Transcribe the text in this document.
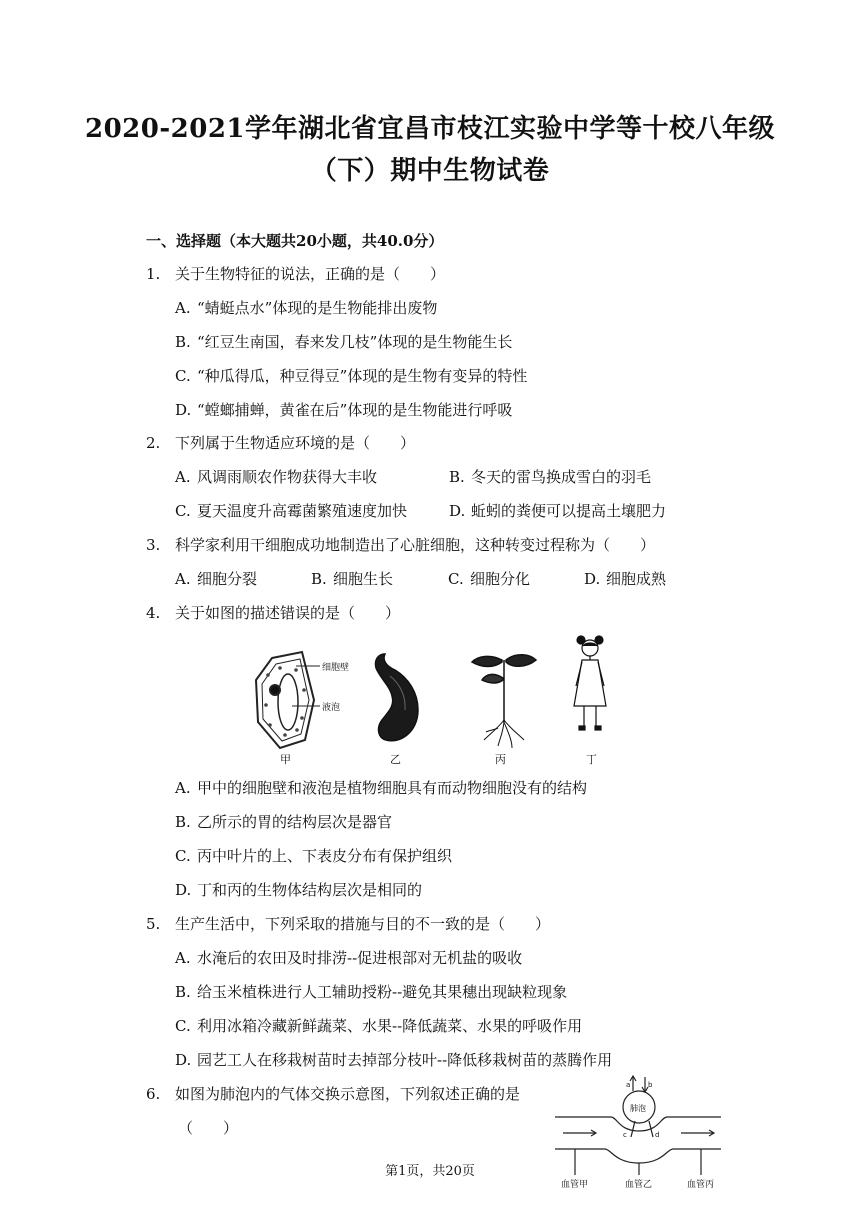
2020-2021学年湖北省宜昌市枝江实验中学等十校八年级
（下）期中生物试卷
一、选择题（本大题共20小题，共40.0分）
1. 关于生物特征的说法，正确的是（　　）
A. “蜻蜓点水”体现的是生物能排出废物
B. “红豆生南国，春来发几枝”体现的是生物能生长
C. “种瓜得瓜，种豆得豆”体现的是生物有变异的特性
D. “螳螂捕蝉，黄雀在后”体现的是生物能进行呼吸
2. 下列属于生物适应环境的是（　　）
A. 风调雨顺农作物获得大丰收	B. 冬天的雷鸟换成雪白的羽毛
C. 夏天温度升高霉菌繁殖速度加快	D. 蚯蚓的粪便可以提高土壤肥力
3. 科学家利用干细胞成功地制造出了心脏细胞，这种转变过程称为（　　）
A. 细胞分裂	B. 细胞生长	C. 细胞分化	D. 细胞成熟
4. 关于如图的描述错误的是（　　）
细胞壁
液泡
甲	乙	丙	丁
A. 甲中的细胞壁和液泡是植物细胞具有而动物细胞没有的结构
B. 乙所示的胃的结构层次是器官
C. 丙中叶片的上、下表皮分布有保护组织
D. 丁和丙的生物体结构层次是相同的
5. 生产生活中，下列采取的措施与目的不一致的是（　　）
A. 水淹后的农田及时排涝--促进根部对无机盐的吸收
B. 给玉米植株进行人工辅助授粉--避免其果穗出现缺粒现象
C. 利用冰箱冷藏新鲜蔬菜、水果--降低蔬菜、水果的呼吸作用
D. 园艺工人在移栽树苗时去掉部分枝叶--降低移栽树苗的蒸腾作用
6. 如图为肺泡内的气体交换示意图，下列叙述正确的是
（　　）
肺泡
a	b
c	d
血管甲	血管乙	血管丙
第1页，共20页
